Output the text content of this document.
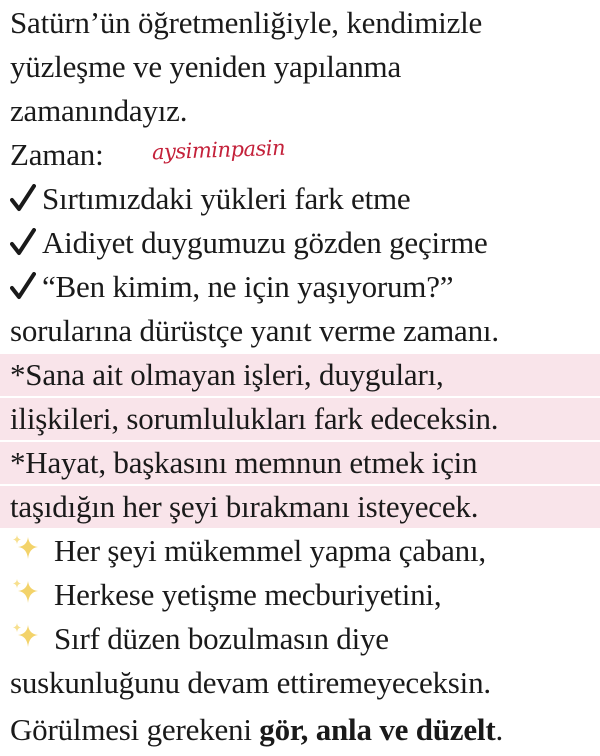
Satürn’ün öğretmenliğiyle, kendimizle
yüzleşme ve yeniden yapılanma
zamanındayız.
Zaman:	aysiminpasin
Sırtımızdaki yükleri fark etme
Aidiyet duygumuzu gözden geçirme
“Ben kimim, ne için yaşıyorum?”
sorularına dürüstçe yanıt verme zamanı.
*Sana ait olmayan işleri, duyguları,
ilişkileri, sorumlulukları fark edeceksin.
*Hayat, başkasını memnun etmek için
taşıdığın her şeyi bırakmanı isteyecek.
Her şeyi mükemmel yapma çabanı,
Herkese yetişme mecburiyetini,
Sırf düzen bozulmasın diye
suskunluğunu devam ettiremeyeceksin.
Görülmesi gerekeni gör, anla ve düzelt.
